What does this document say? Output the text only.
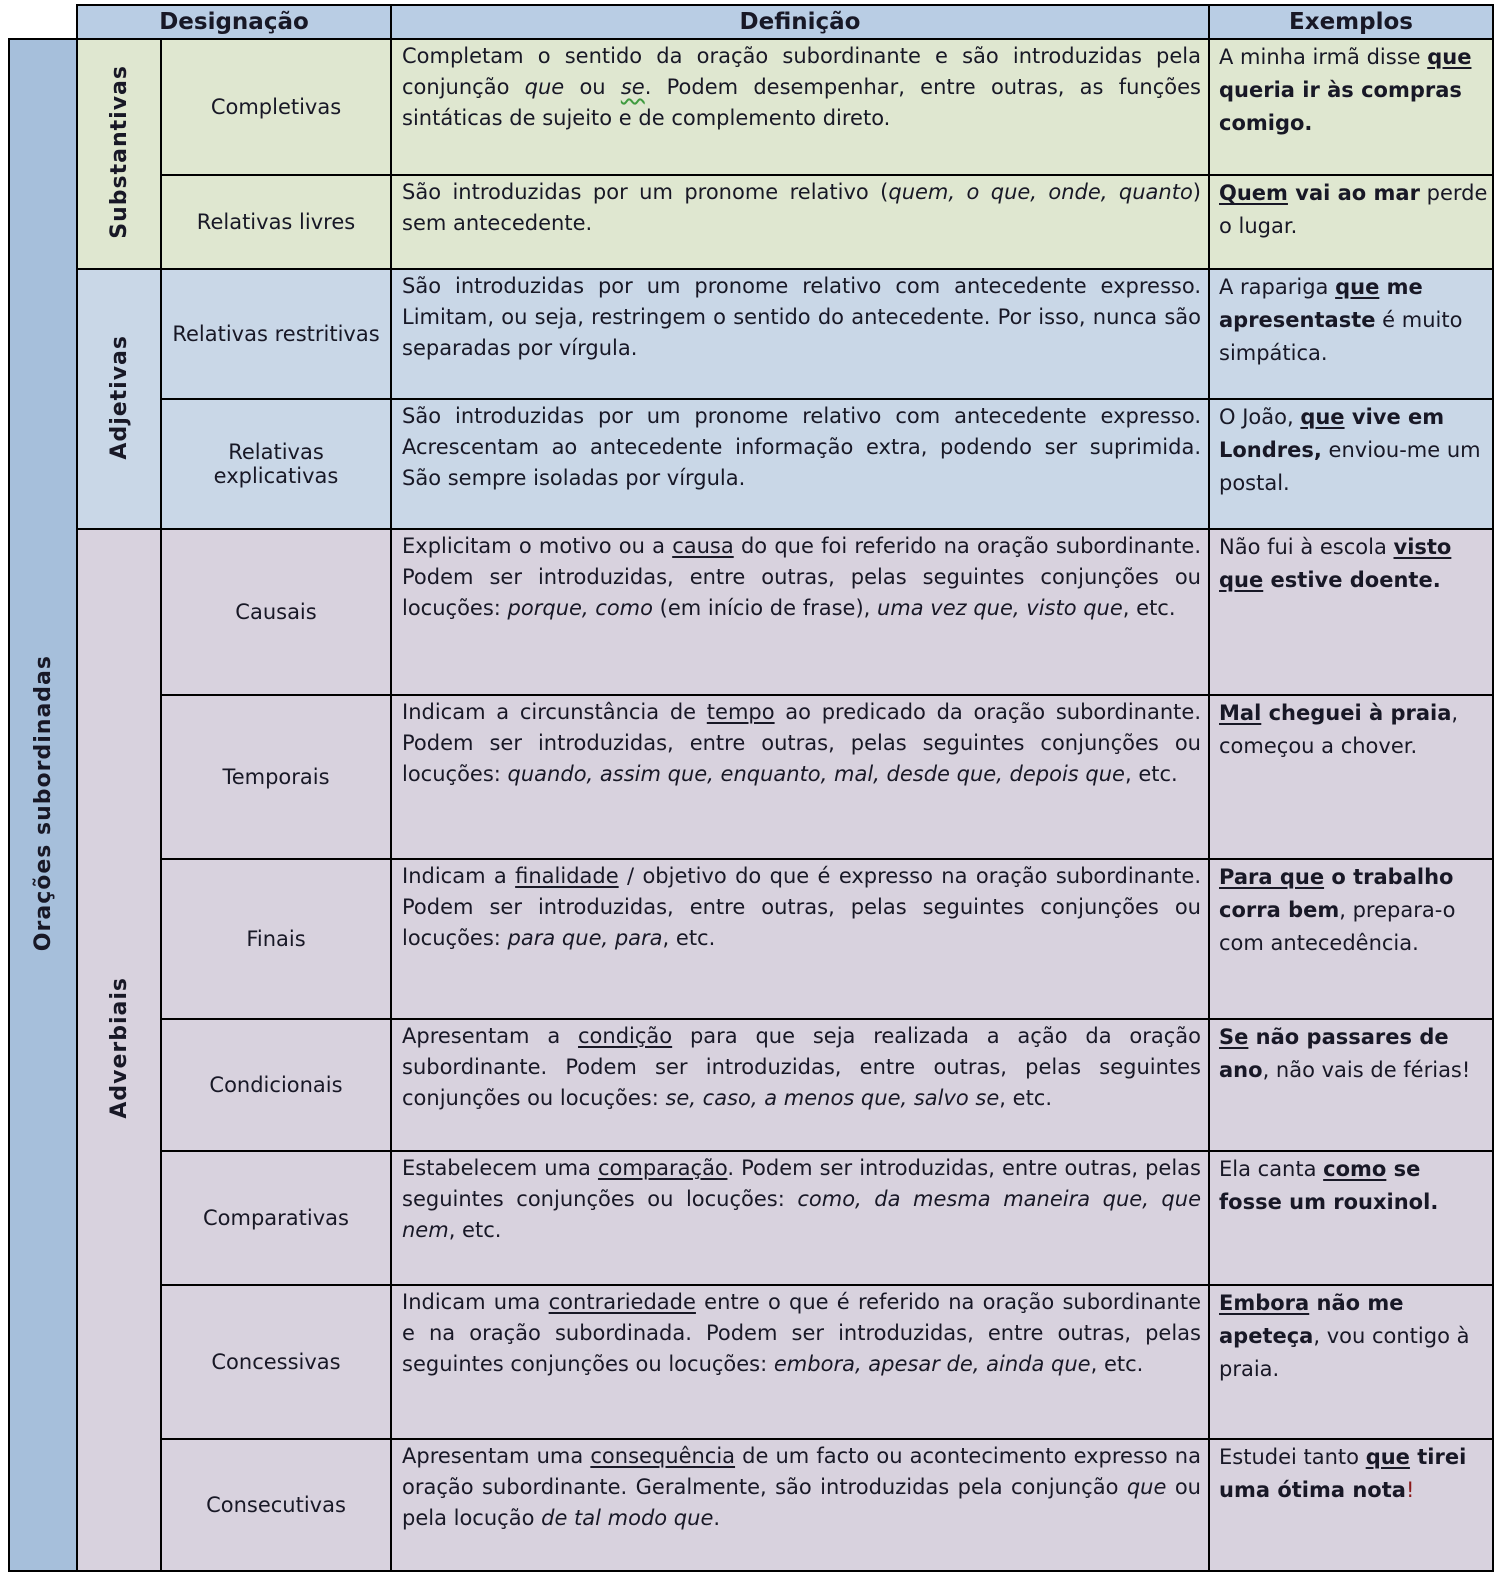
	Designação		Definição	Exemplos
Orações subordinadas	Substantivas	Completivas	Completam o sentido da oração subordinante e são introduzidas pela conjunção que ou se. Podem desempenhar, entre outras, as funções sintáticas de sujeito e de complemento direto.	A minha irmã disse que queria ir às compras comigo.
		Relativas livres	São introduzidas por um pronome relativo (quem, o que, onde, quanto) sem antecedente.	Quem vai ao mar perde o lugar.
	Adjetivas	Relativas restritivas	São introduzidas por um pronome relativo com antecedente expresso. Limitam, ou seja, restringem o sentido do antecedente. Por isso, nunca são separadas por vírgula.	A rapariga que me apresentaste é muito simpática.
		Relativas explicativas	São introduzidas por um pronome relativo com antecedente expresso. Acrescentam ao antecedente informação extra, podendo ser suprimida. São sempre isoladas por vírgula.	O João, que vive em Londres, enviou-me um postal.
	Adverbiais	Causais	Explicitam o motivo ou a causa do que foi referido na oração subordinante. Podem ser introduzidas, entre outras, pelas seguintes conjunções ou locuções: porque, como (em início de frase), uma vez que, visto que, etc.	Não fui à escola visto que estive doente.
		Temporais	Indicam a circunstância de tempo ao predicado da oração subordinante. Podem ser introduzidas, entre outras, pelas seguintes conjunções ou locuções: quando, assim que, enquanto, mal, desde que, depois que, etc.	Mal cheguei à praia, começou a chover.
		Finais	Indicam a finalidade / objetivo do que é expresso na oração subordinante. Podem ser introduzidas, entre outras, pelas seguintes conjunções ou locuções: para que, para, etc.	Para que o trabalho corra bem, prepara-o com antecedência.
		Condicionais	Apresentam a condição para que seja realizada a ação da oração subordinante. Podem ser introduzidas, entre outras, pelas seguintes conjunções ou locuções: se, caso, a menos que, salvo se, etc.	Se não passares de ano, não vais de férias!
		Comparativas	Estabelecem uma comparação. Podem ser introduzidas, entre outras, pelas seguintes conjunções ou locuções: como, da mesma maneira que, que nem, etc.	Ela canta como se fosse um rouxinol.
		Concessivas	Indicam uma contrariedade entre o que é referido na oração subordinante e na oração subordinada. Podem ser introduzidas, entre outras, pelas seguintes conjunções ou locuções: embora, apesar de, ainda que, etc.	Embora não me apeteça, vou contigo à praia.
		Consecutivas	Apresentam uma consequência de um facto ou acontecimento expresso na oração subordinante. Geralmente, são introduzidas pela conjunção que ou pela locução de tal modo que.	Estudei tanto que tirei uma ótima nota!
